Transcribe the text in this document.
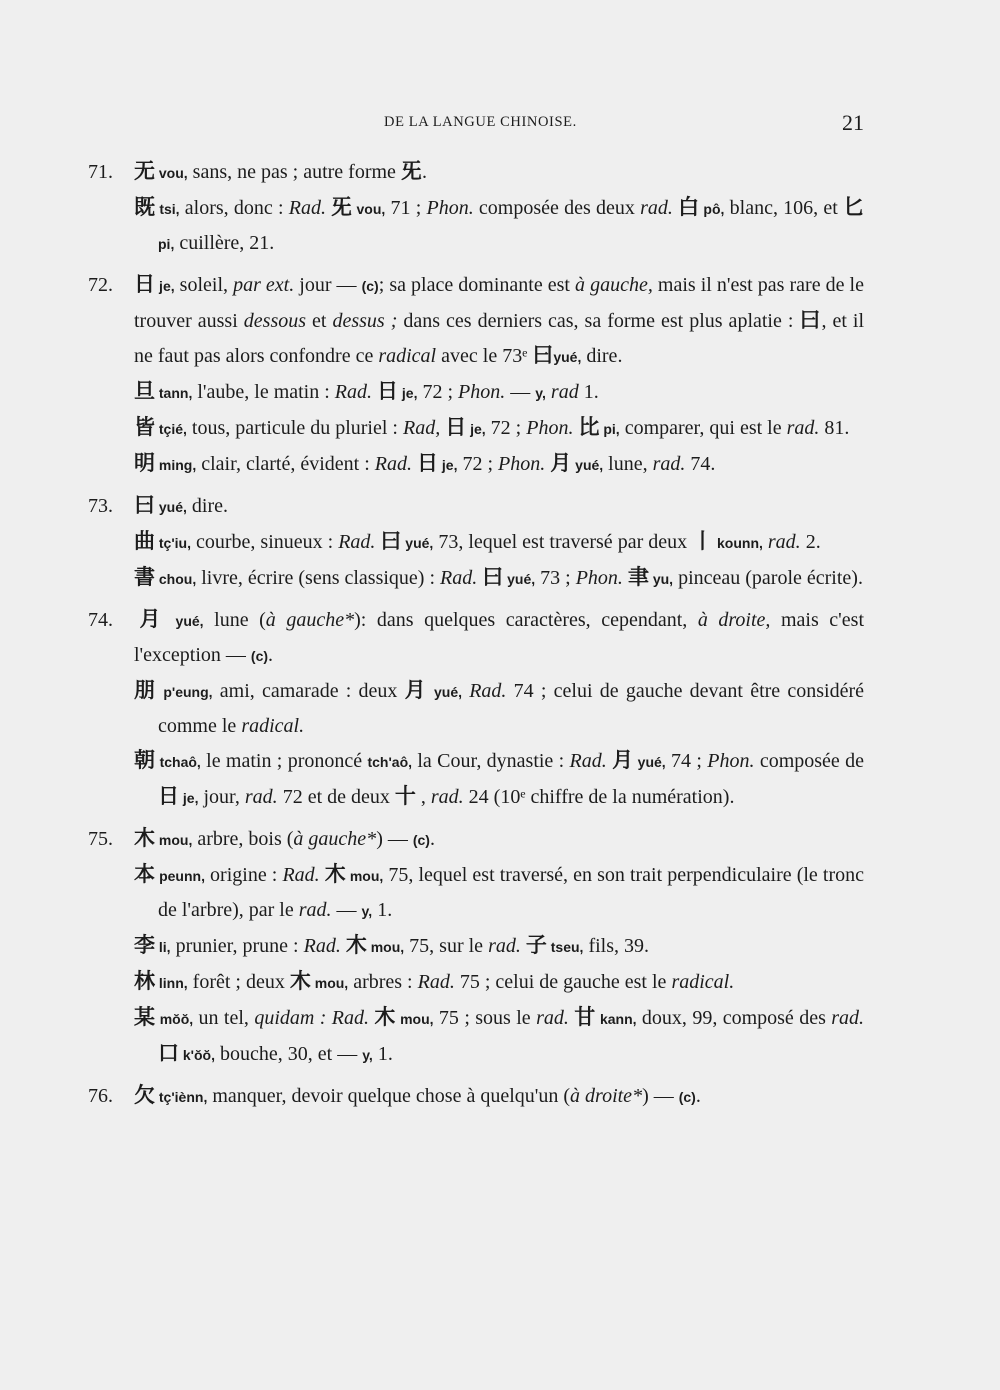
DE LA LANGUE CHINOISE.	21
71. 无 vou, sans, ne pas ; autre forme 旡.
既 tsi, alors, donc : Rad. 旡 vou, 71 ; Phon. composée des deux rad. 白 pô, blanc, 106, et 匕 pi, cuillère, 21.
72. 日 je, soleil, par ext. jour — (c); sa place dominante est à gauche, mais il n'est pas rare de le trouver aussi dessous et dessus ; dans ces derniers cas, sa forme est plus aplatie : 曰, et il ne faut pas alors confondre ce radical avec le 73ᵉ 曰yué, dire.
旦 tann, l'aube, le matin : Rad. 日 je, 72 ; Phon. — y, rad 1.
皆 tçié, tous, particule du pluriel : Rad, 日 je, 72 ; Phon. 比 pi, comparer, qui est le rad. 81.
明 ming, clair, clarté, évident : Rad. 日 je, 72 ; Phon. 月 yué, lune, rad. 74.
73. 曰 yué, dire.
曲 tç'iu, courbe, sinueux : Rad. 曰 yué, 73, lequel est traversé par deux 丨 kounn, rad. 2.
書 chou, livre, écrire (sens classique) : Rad. 曰 yué, 73 ; Phon. 聿 yu, pinceau (parole écrite).
74. 月 yué, lune (à gauche*): dans quelques caractères, cependant, à droite, mais c'est l'exception — (c).
朋 p'eung, ami, camarade : deux 月 yué, Rad. 74 ; celui de gauche devant être considéré comme le radical.
朝 tchaô, le matin ; prononcé tch'aô, la Cour, dynastie : Rad. 月 yué, 74 ; Phon. composée de 日 je, jour, rad. 72 et de deux 十 , rad. 24 (10ᵉ chiffre de la numération).
75. 木 mou, arbre, bois (à gauche*) — (c).
本 peunn, origine : Rad. 木 mou, 75, lequel est traversé, en son trait perpendiculaire (le tronc de l'arbre), par le rad. — y, 1.
李 li, prunier, prune : Rad. 木 mou, 75, sur le rad. 子 tseu, fils, 39.
林 linn, forêt ; deux 木 mou, arbres : Rad. 75 ; celui de gauche est le radical.
某 mŏŏ, un tel, quidam : Rad. 木 mou, 75 ; sous le rad. 甘 kann, doux, 99, composé des rad. 口 k'ŏŏ, bouche, 30, et — y, 1.
76. 欠 tç'iènn, manquer, devoir quelque chose à quelqu'un (à droite*) — (c).
